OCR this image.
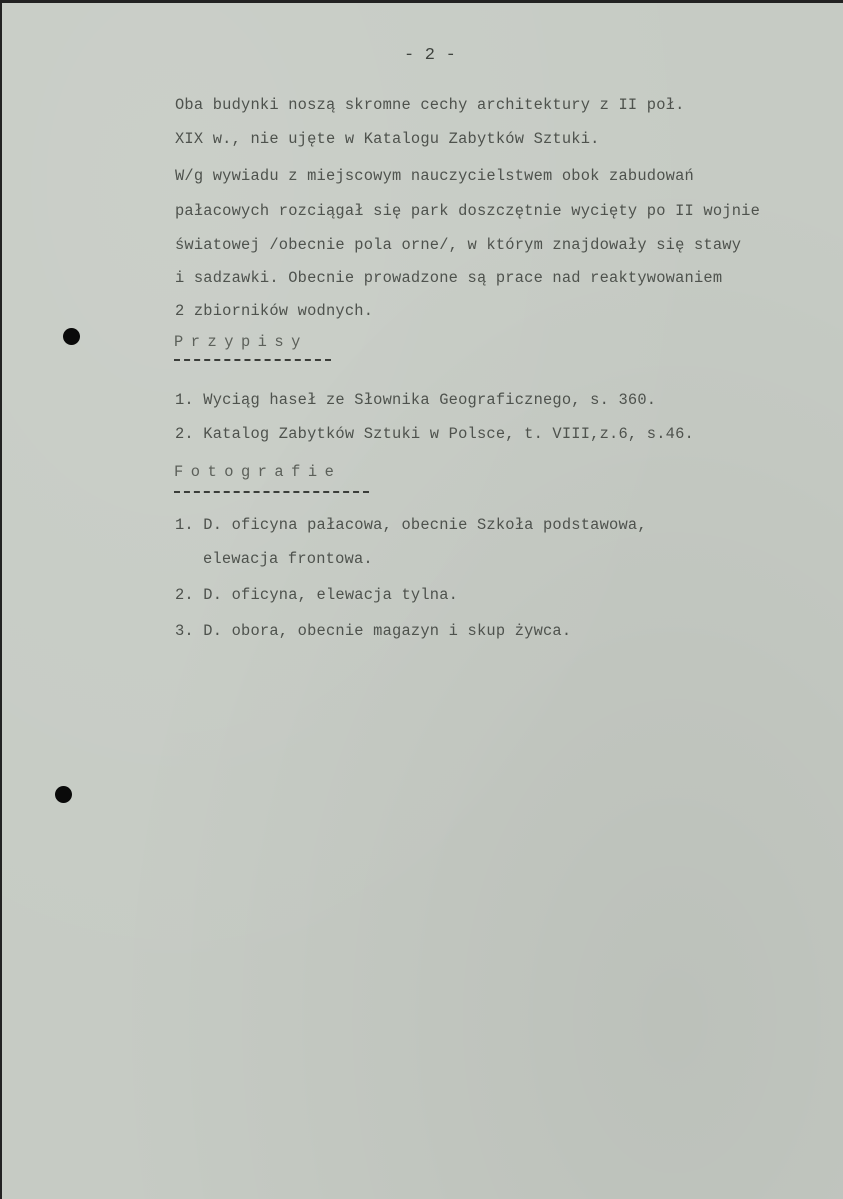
- 2 -
Oba budynki noszą skromne cechy architektury z II poł.
XIX w., nie ujęte w Katalogu Zabytków Sztuki.
W/g wywiadu z miejscowym nauczycielstwem obok zabudowań
pałacowych rozciągał się park doszczętnie wycięty po II wojnie
światowej /obecnie pola orne/, w którym znajdowały się stawy
i sadzawki. Obecnie prowadzone są prace nad reaktywowaniem
2 zbiorników wodnych.
Przypisy
1. Wyciąg haseł ze Słownika Geograficznego, s. 360.
2. Katalog Zabytków Sztuki w Polsce, t. VIII,z.6, s.46.
Fotografie
1. D. oficyna pałacowa, obecnie Szkoła podstawowa,
elewacja frontowa.
2. D. oficyna, elewacja tylna.
3. D. obora, obecnie magazyn i skup żywca.
